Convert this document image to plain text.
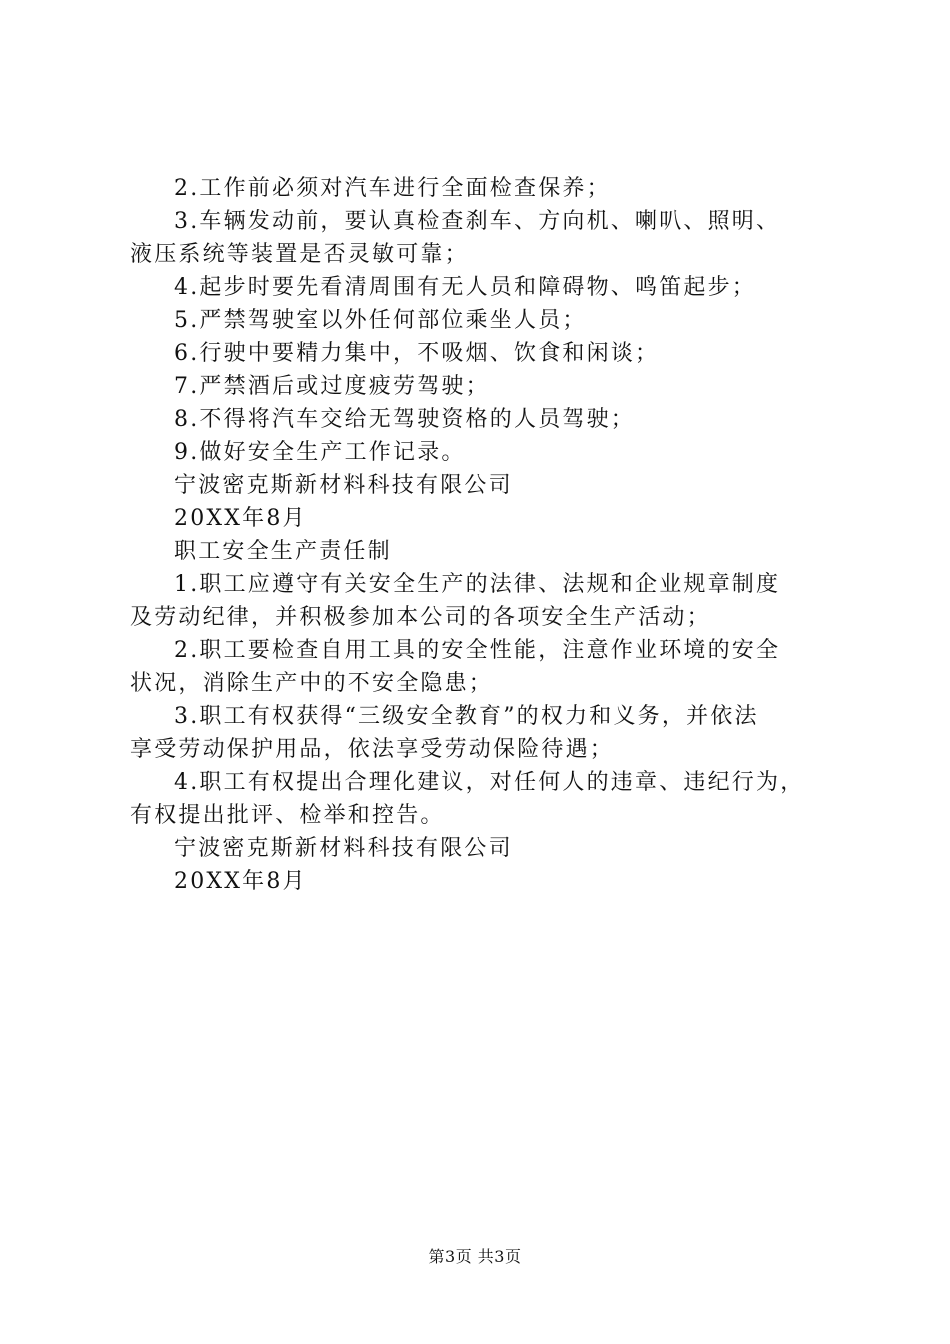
2.工作前必须对汽车进行全面检查保养；
3.车辆发动前，要认真检查刹车、方向机、喇叭、照明、
液压系统等装置是否灵敏可靠；
4.起步时要先看清周围有无人员和障碍物、鸣笛起步；
5.严禁驾驶室以外任何部位乘坐人员；
6.行驶中要精力集中，不吸烟、饮食和闲谈；
7.严禁酒后或过度疲劳驾驶；
8.不得将汽车交给无驾驶资格的人员驾驶；
9.做好安全生产工作记录。
宁波密克斯新材料科技有限公司
20XX年8月
职工安全生产责任制
1.职工应遵守有关安全生产的法律、法规和企业规章制度
及劳动纪律，并积极参加本公司的各项安全生产活动；
2.职工要检查自用工具的安全性能，注意作业环境的安全
状况，消除生产中的不安全隐患；
3.职工有权获得“三级安全教育”的权力和义务，并依法
享受劳动保护用品，依法享受劳动保险待遇；
4.职工有权提出合理化建议，对任何人的违章、违纪行为，
有权提出批评、检举和控告。
宁波密克斯新材料科技有限公司
20XX年8月
第3页 共3页
